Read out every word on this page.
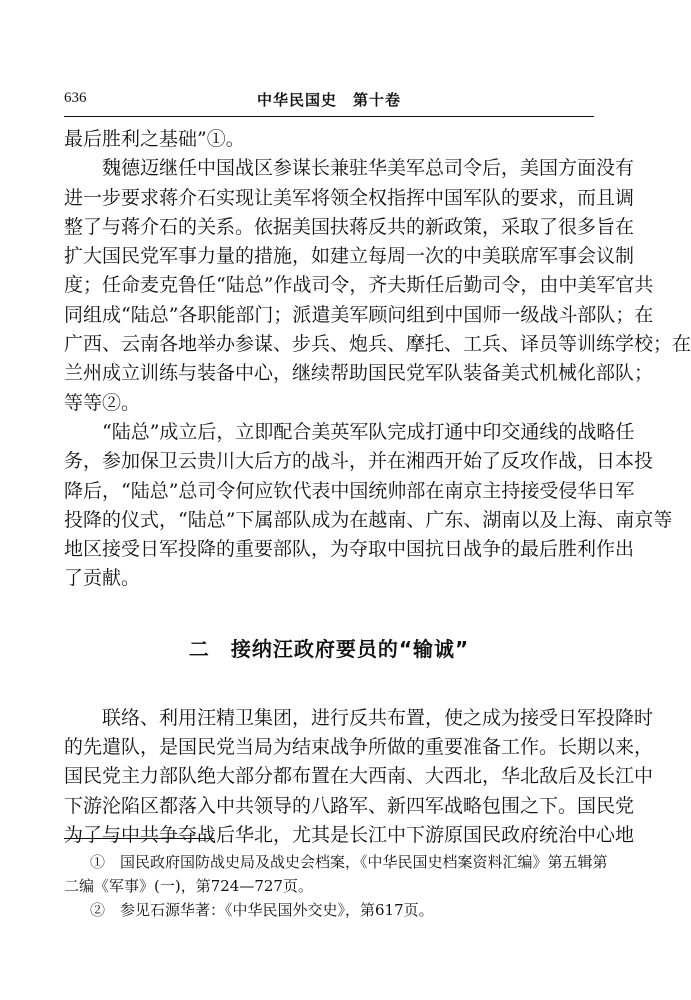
636	中华民国史　第十卷
最后胜利之基础”①。
　　魏德迈继任中国战区参谋长兼驻华美军总司令后，美国方面没有
进一步要求蒋介石实现让美军将领全权指挥中国军队的要求，而且调
整了与蒋介石的关系。依据美国扶蒋反共的新政策，采取了很多旨在
扩大国民党军事力量的措施，如建立每周一次的中美联席军事会议制
度；任命麦克鲁任“陆总”作战司令，齐夫斯任后勤司令，由中美军官共
同组成“陆总”各职能部门；派遣美军顾问组到中国师一级战斗部队；在
广西、云南各地举办参谋、步兵、炮兵、摩托、工兵、译员等训练学校；在
兰州成立训练与装备中心，继续帮助国民党军队装备美式机械化部队；
等等②。
　　“陆总”成立后，立即配合美英军队完成打通中印交通线的战略任
务，参加保卫云贵川大后方的战斗，并在湘西开始了反攻作战，日本投
降后，“陆总”总司令何应钦代表中国统帅部在南京主持接受侵华日军
投降的仪式，“陆总”下属部队成为在越南、广东、湖南以及上海、南京等
地区接受日军投降的重要部队，为夺取中国抗日战争的最后胜利作出
了贡献。
二　接纳汪政府要员的“输诚”
　　联络、利用汪精卫集团，进行反共布置，使之成为接受日军投降时
的先遣队，是国民党当局为结束战争所做的重要准备工作。长期以来，
国民党主力部队绝大部分都布置在大西南、大西北，华北敌后及长江中
下游沦陷区都落入中共领导的八路军、新四军战略包围之下。国民党
为了与中共争夺战后华北，尤其是长江中下游原国民政府统治中心地
①　国民政府国防战史局及战史会档案，《中华民国史档案资料汇编》第五辑第
二编《军事》(一)，第724—727页。
②　参见石源华著：《中华民国外交史》，第617页。
